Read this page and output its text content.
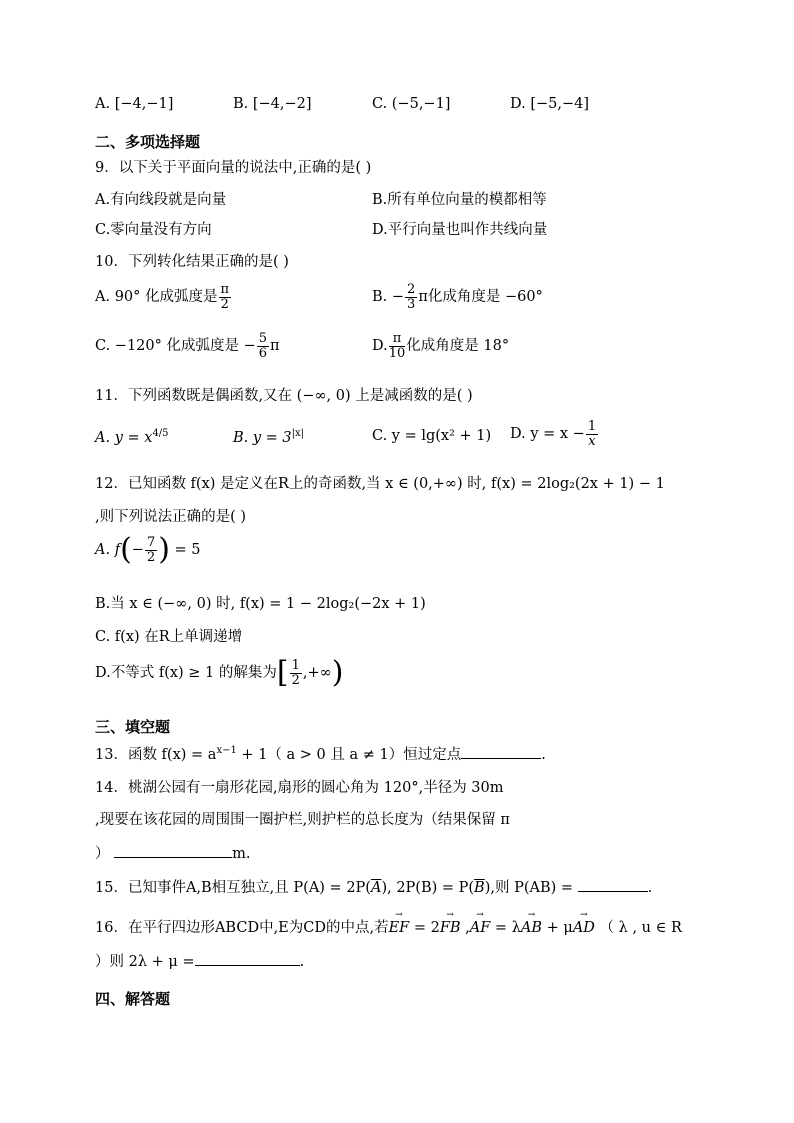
A. [−4,−1]	B. [−4,−2]	C. (−5,−1]	D. [−5,−4]
二、多项选择题
9．以下关于平面向量的说法中,正确的是( )
A.有向线段就是向量	B.所有单位向量的模都相等
C.零向量没有方向	D.平行向量也叫作共线向量
10．下列转化结果正确的是( )
A. 90° 化成弧度是 $\frac{\pi}{2}$	B. − $\frac{2}{3}$ π化成角度是 −60°
C. −120° 化成弧度是 − $\frac{5}{6}$ π	D. $\frac{\pi}{10}$ 化成角度是 18°
11．下列函数既是偶函数,又在 (−∞, 0) 上是减函数的是( )
A. $y = x^{4/5}$	B. $y = 3^{|x|}$	C. y = lg(x² + 1) D. $y = x - \frac{1}{x}$
12．已知函数 f(x) 是定义在R上的奇函数,当 x ∈ (0,+∞) 时, f(x) = 2log₂(2x + 1) − 1
,则下列说法正确的是( )
A. $f(- \frac{7}{2}$ ) = 5
B.当 x ∈ (−∞, 0) 时, f(x) = 1 − 2log₂(−2x + 1)
C. f(x) 在R上单调递增
D.不等式 f(x) ≥ 1 的解集为[ $\frac{1}{2}$ ,+∞)
三、填空题
13．函数 $f(x) = a^{x-1} + 1$（ a > 0 且 a ≠ 1）恒过定点	.
14．桃湖公园有一扇形花园,扇形的圆心角为 120°,半径为 30m
,现要在该花园的周围围一圈护栏,则护栏的总长度为（结果保留 π
）	m.
15．已知事件A,B相互独立,且 $P(A) = 2P(\overline{A})$, $2P(B) = P(\overline{B})$,则 P(AB) =	.
16．在平行四边形ABCD中,E为CD的中点,若→ EF = 2→ FB ,→ AF = λ→ AB + μ→ AD （ λ , u ∈ R
）则 2λ + μ =	.
四、解答题
